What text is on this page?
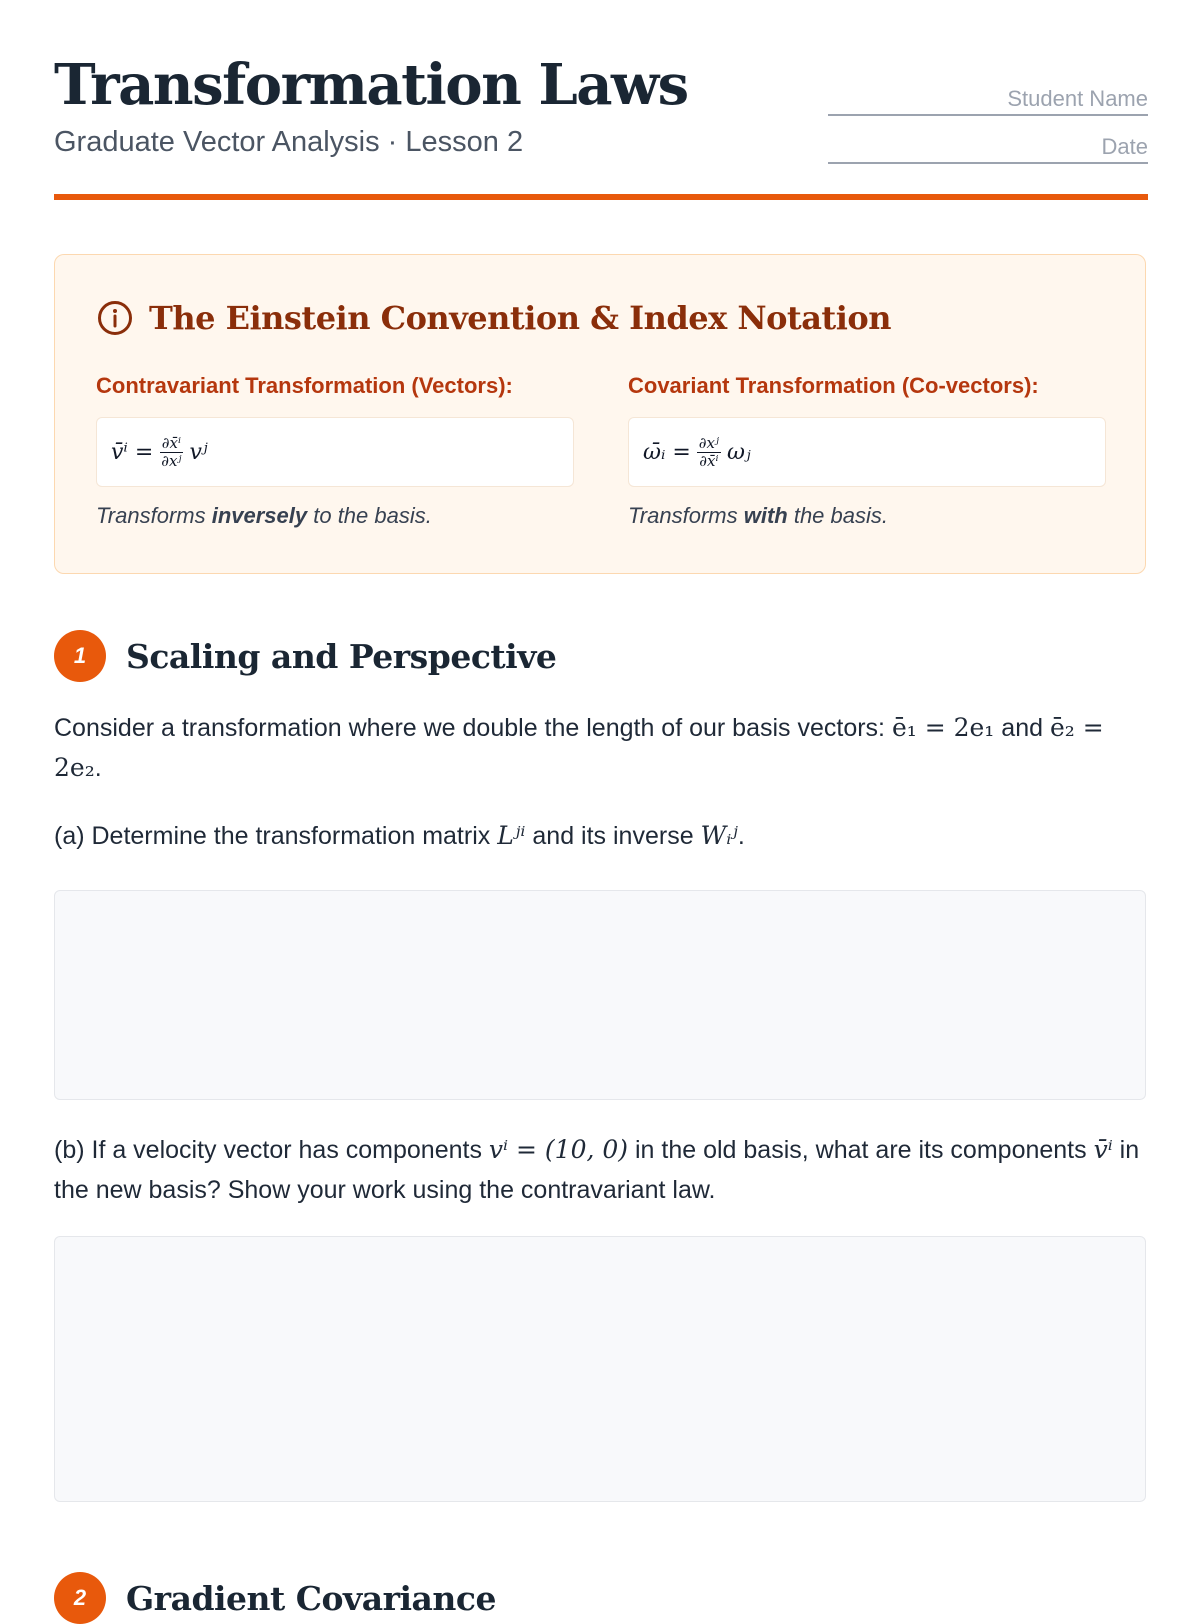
Transformation Laws
Graduate Vector Analysis · Lesson 2
Student Name
Date
The Einstein Convention & Index Notation
Contravariant Transformation (Vectors):
v̄ⁱ = $\frac{\text{∂x̄ⁱ}}{\text{∂xʲ}}$ vʲ
Transforms inversely to the basis.
Covariant Transformation (Co-vectors):
ω̄ᵢ = $\frac{\text{∂xʲ}}{\text{∂x̄ⁱ}}$ ωⱼ
Transforms with the basis.
1	Scaling and Perspective
Consider a transformation where we double the length of our basis vectors: ē₁ = 2e₁ and ē₂ = 2e₂.
(a) Determine the transformation matrix Lʲⁱ and its inverse Wᵢʲ.
(b) If a velocity vector has components vⁱ = (10, 0) in the old basis, what are its components v̄ⁱ in the new basis? Show your work using the contravariant law.
2	Gradient Covariance
